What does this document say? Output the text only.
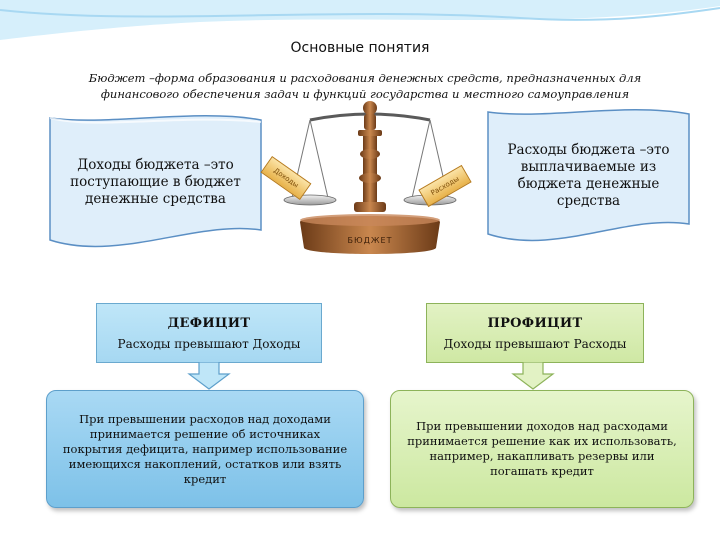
Основные понятия
Бюджет –форма образования и расходования денежных средств, предназначенных для финансового обеспечения задач и функций государства и местного самоуправления
Доходы бюджета –это поступающие в бюджет денежные средства
Расходы бюджета –это выплачиваемые из бюджета денежные средства
БЮДЖЕТ
Доходы	Расходы
ДЕФИЦИТ
Расходы превышают Доходы
ПРОФИЦИТ
Доходы превышают Расходы
При превышении расходов над доходами принимается решение об источниках покрытия дефицита, например использование имеющихся накоплений, остатков или взять кредит
При превышении доходов над расходами принимается решение как их использовать, например, накапливать резервы или погашать кредит
